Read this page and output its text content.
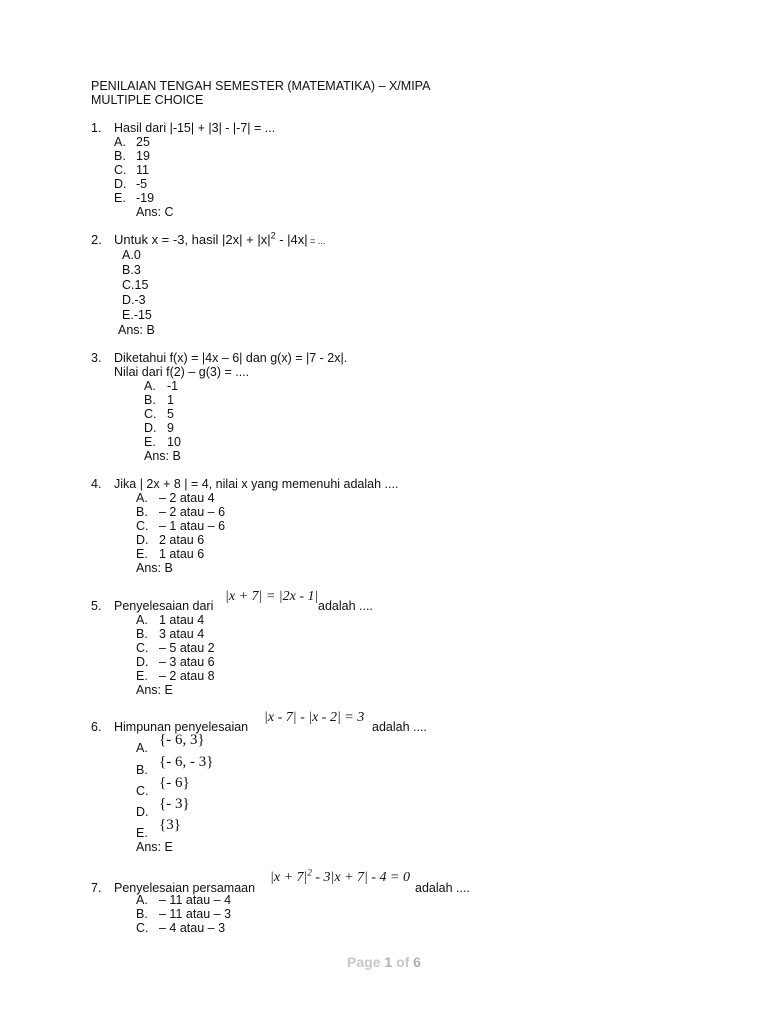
PENILAIAN TENGAH SEMESTER (MATEMATIKA) – X/MIPA
MULTIPLE CHOICE
1. Hasil dari |-15| + |3| - |-7| = ...
A. 25
B. 19
C. 11
D. -5
E. -19
Ans: C
2. Untuk x = -3, hasil $|2x| + |x|^2 - |4x|$ = ...
A.0
B.3
C.15
D.-3
E.-15
Ans: B
3. Diketahui f(x) = |4x – 6| dan g(x) = |7 - 2x|.
Nilai dari f(2) – g(3) = ....
A. -1
B. 1
C. 5
D. 9
E. 10
Ans: B
4. Jika | 2x + 8 | = 4, nilai x yang memenuhi adalah ....
A. – 2 atau 4
B. – 2 atau – 6
C. – 1 atau – 6
D. 2 atau 6
E. 1 atau 6
Ans: B
5. Penyelesaian dari
|x + 7| = |2x - 1|
adalah ....
A. 1 atau 4
B. 3 atau 4
C. – 5 atau 2
D. – 3 atau 6
E. – 2 atau 8
Ans: E
6. Himpunan penyelesaian
|x - 7| - |x - 2| = 3
adalah ....
A. {- 6, 3}
B. {- 6, - 3}
C. {- 6}
D. {- 3}
E. {3}
Ans: E
7. Penyelesaian persamaan
$|x + 7|^2 - 3|x + 7| - 4 = 0$
adalah ....
A. – 11 atau – 4
B. – 11 atau – 3
C. – 4 atau – 3
Page 1 of 6
